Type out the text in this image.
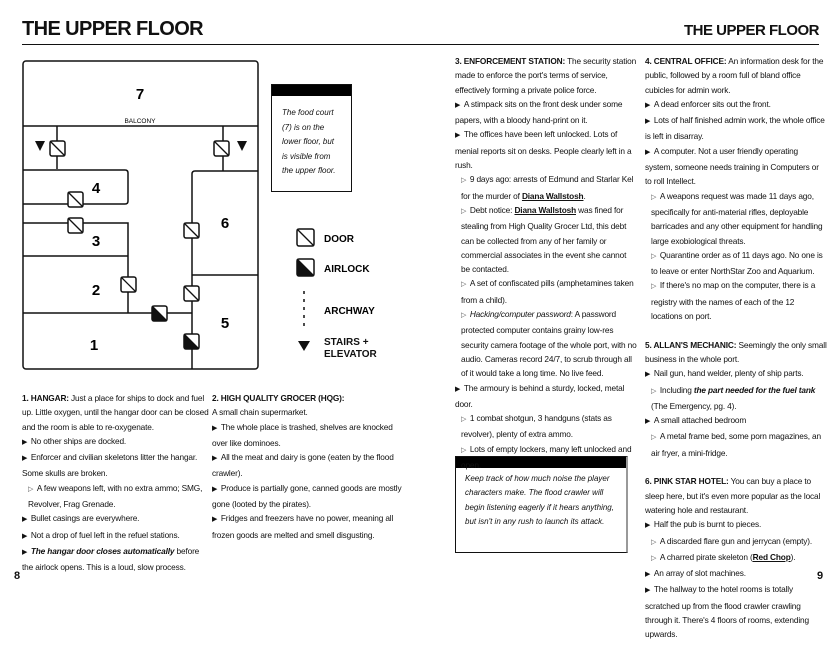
THE UPPER FLOOR	THE UPPER FLOOR
7
BALCONY
4
3
2
1
6
5
DOOR
AIRLOCK
ARCHWAY
STAIRS + ELEVATOR
The food court (7) is on the lower floor, but is visible from the upper floor.
Keep track of how much noise the player characters make. The flood crawler will begin listening eagerly if it hears anything, but isn't in any rush to launch its attack.
1. HANGAR: Just a place for ships to dock and fuel up. Little oxygen, until the hangar door can be closed and the room is able to re-oxygenate.
▶  No other ships are docked.
▶  Enforcer and civilian skeletons litter the hangar. Some skulls are broken.
▷  A few weapons left, with no extra ammo; SMG, Revolver, Frag Grenade.
▶  Bullet casings are everywhere.
▶  Not a drop of fuel left in the refuel stations.
▶  The hangar door closes automatically before the airlock opens. This is a loud, slow process.
2. HIGH QUALITY GROCER (HQG):
A small chain supermarket.
▶  The whole place is trashed, shelves are knocked over like dominoes.
▶  All the meat and dairy is gone (eaten by the flood crawler).
▶  Produce is partially gone, canned goods are mostly gone (looted by the pirates).
▶  Fridges and freezers have no power, meaning all frozen goods are melted and smell disgusting.
3. ENFORCEMENT STATION: The security station made to enforce the port's terms of service, effectively forming a private police force.
▶  A stimpack sits on the front desk under some papers, with a bloody hand-print on it.
▶  The offices have been left unlocked. Lots of menial reports sit on desks. People clearly left in a rush.
▷  9 days ago: arrests of Edmund and Starlar Kel for the murder of Diana Wallstosh.
▷  Debt notice: Diana Wallstosh was fined for stealing from High Quality Grocer Ltd, this debt can be collected from any of her family or commercial associates in the event she cannot be contacted.
▷  A set of confiscated pills (amphetamines taken from a child).
▷  Hacking/computer password: A password protected computer contains grainy low-res security camera footage of the whole port, with no audio. Cameras record 24/7, to scrub through all of it would take a long time. No live feed.
▶  The armoury is behind a sturdy, locked, metal door.
▷  1 combat shotgun, 3 handguns (stats as revolver), plenty of extra ammo.
▷  Lots of empty lockers, many left unlocked and open.
4. CENTRAL OFFICE: An information desk for the public, followed by a room full of bland office cubicles for admin work.
▶  A dead enforcer sits out the front.
▶  Lots of half finished admin work, the whole office is left in disarray.
▶  A computer. Not a user friendly operating system, someone needs training in Computers or to roll Intellect.
▷  A weapons request was made 11 days ago, specifically for anti-material rifles, deployable barricades and any other equipment for handling large exobiological threats.
▷  Quarantine order as of 11 days ago. No one is to leave or enter NorthStar Zoo and Aquarium.
▷  If there's no map on the computer, there is a registry with the names of each of the 12 locations on port.
5. ALLAN'S MECHANIC: Seemingly the only small business in the whole port.
▶  Nail gun, hand welder, plenty of ship parts.
▷  Including the part needed for the fuel tank (The Emergency, pg. 4).
▶  A small attached bedroom
▷  A metal frame bed, some porn magazines, an air fryer, a mini-fridge.
6. PINK STAR HOTEL: You can buy a place to sleep here, but it's even more popular as the local watering hole and restaurant.
▶  Half the pub is burnt to pieces.
▷  A discarded flare gun and jerrycan (empty).
▷  A charred pirate skeleton (Red Chop).
▶  An array of slot machines.
▶  The hallway to the hotel rooms is totally scratched up from the flood crawler crawling through it. There's 4 floors of rooms, extending upwards.
8	9
